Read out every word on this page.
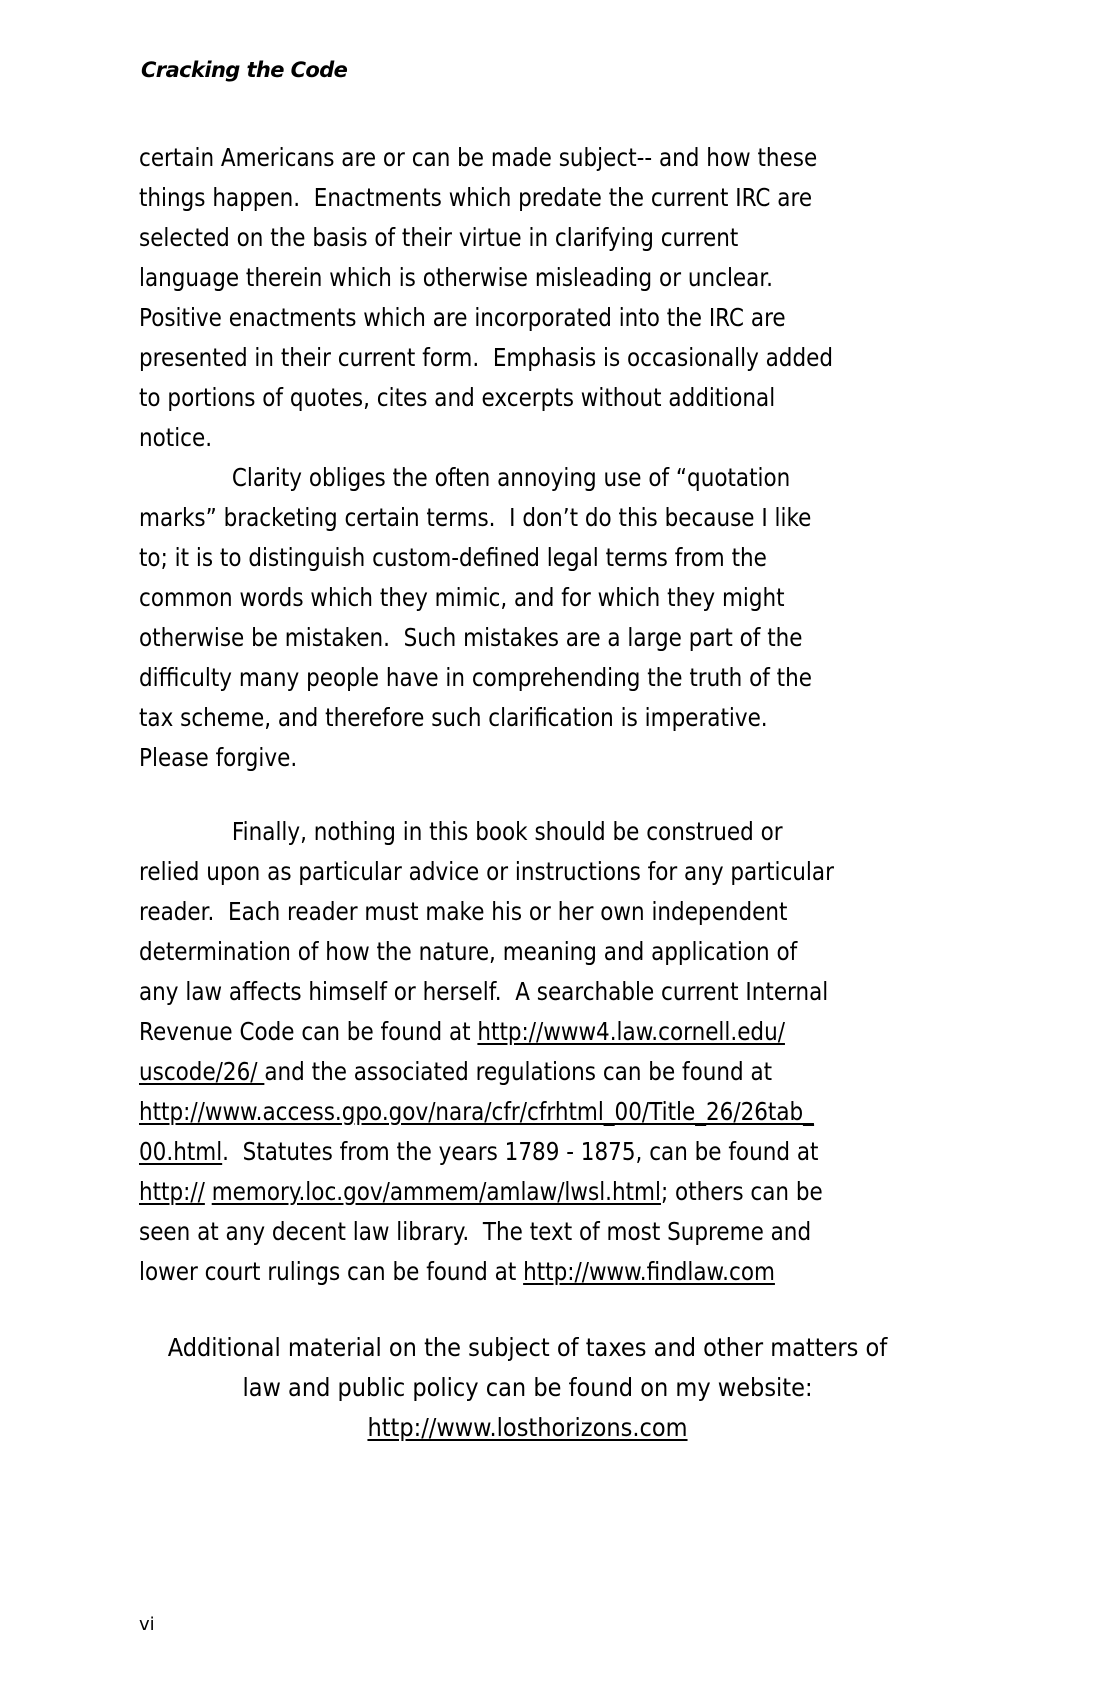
Cracking the Code
certain Americans are or can be made subject-- and how these
things happen.  Enactments which predate the current IRC are
selected on the basis of their virtue in clarifying current
language therein which is otherwise misleading or unclear.
Positive enactments which are incorporated into the IRC are
presented in their current form.  Emphasis is occasionally added
to portions of quotes, cites and excerpts without additional
notice.
Clarity obliges the often annoying use of “quotation
marks” bracketing certain terms.  I don’t do this because I like
to; it is to distinguish custom-defined legal terms from the
common words which they mimic, and for which they might
otherwise be mistaken.  Such mistakes are a large part of the
difficulty many people have in comprehending the truth of the
tax scheme, and therefore such clarification is imperative.
Please forgive.
Finally, nothing in this book should be construed or
relied upon as particular advice or instructions for any particular
reader.  Each reader must make his or her own independent
determination of how the nature, meaning and application of
any law affects himself or herself.  A searchable current Internal
Revenue Code can be found at http://www4.law.cornell.edu/
uscode/26/ and the associated regulations can be found at
http://www.access.gpo.gov/nara/cfr/cfrhtml_00/Title_26/26tab_
00.html.  Statutes from the years 1789 - 1875, can be found at
http:// memory.loc.gov/ammem/amlaw/lwsl.html; others can be
seen at any decent law library.  The text of most Supreme and
lower court rulings can be found at http://www.findlaw.com
Additional material on the subject of taxes and other matters of
law and public policy can be found on my website:
http://www.losthorizons.com
vi
